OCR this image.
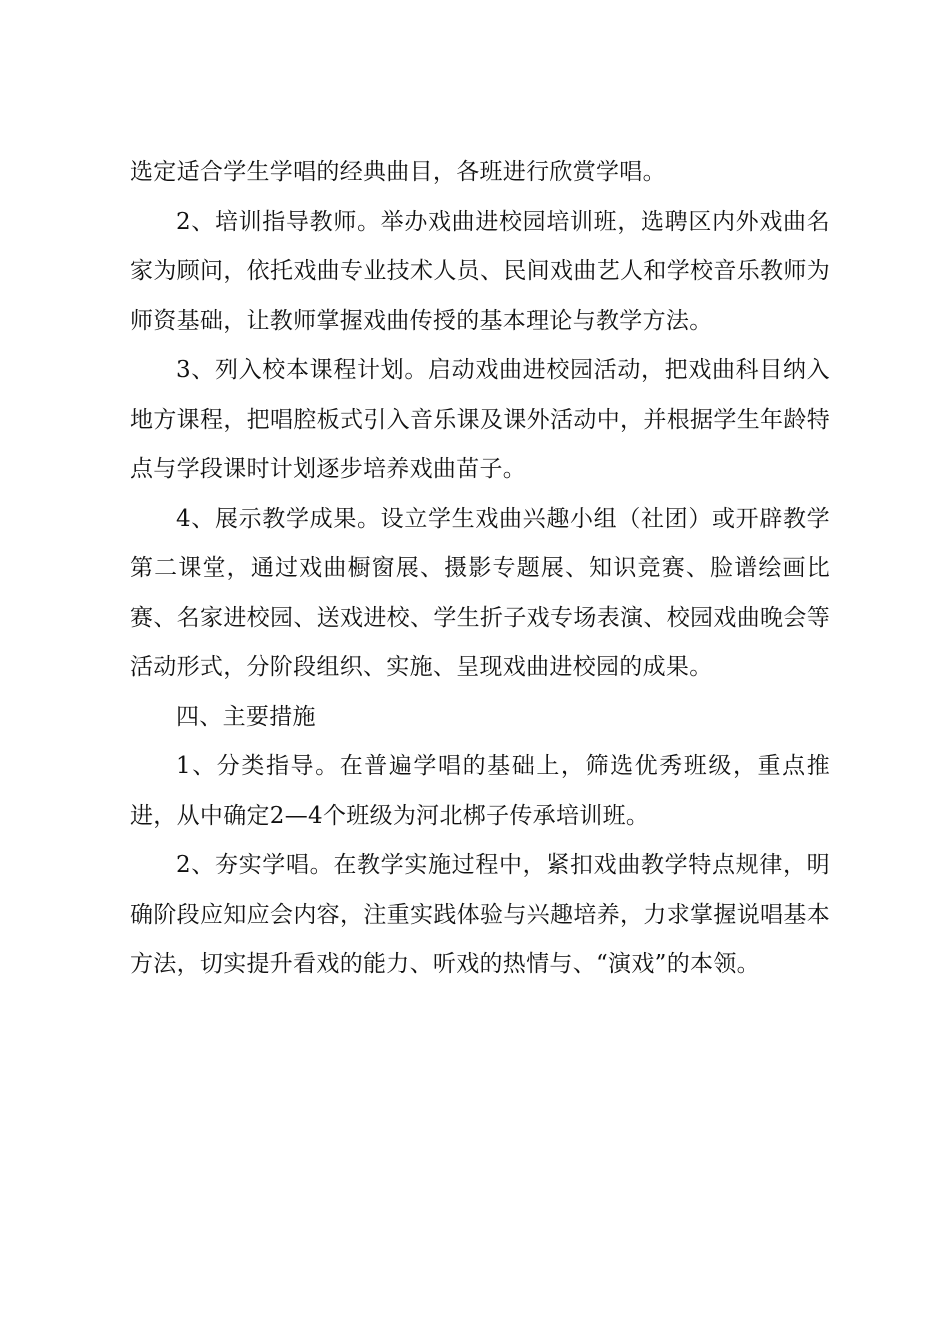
选定适合学生学唱的经典曲目，各班进行欣赏学唱。

2、培训指导教师。举办戏曲进校园培训班，选聘区内外戏曲名家为顾问，依托戏曲专业技术人员、民间戏曲艺人和学校音乐教师为师资基础，让教师掌握戏曲传授的基本理论与教学方法。

3、列入校本课程计划。启动戏曲进校园活动，把戏曲科目纳入地方课程，把唱腔板式引入音乐课及课外活动中，并根据学生年龄特点与学段课时计划逐步培养戏曲苗子。

4、展示教学成果。设立学生戏曲兴趣小组（社团）或开辟教学第二课堂，通过戏曲橱窗展、摄影专题展、知识竞赛、脸谱绘画比赛、名家进校园、送戏进校、学生折子戏专场表演、校园戏曲晚会等活动形式，分阶段组织、实施、呈现戏曲进校园的成果。

四、主要措施

1、分类指导。在普遍学唱的基础上，筛选优秀班级，重点推进，从中确定2—4个班级为河北梆子传承培训班。

2、夯实学唱。在教学实施过程中，紧扣戏曲教学特点规律，明确阶段应知应会内容，注重实践体验与兴趣培养，力求掌握说唱基本方法，切实提升看戏的能力、听戏的热情与、“演戏”的本领。
